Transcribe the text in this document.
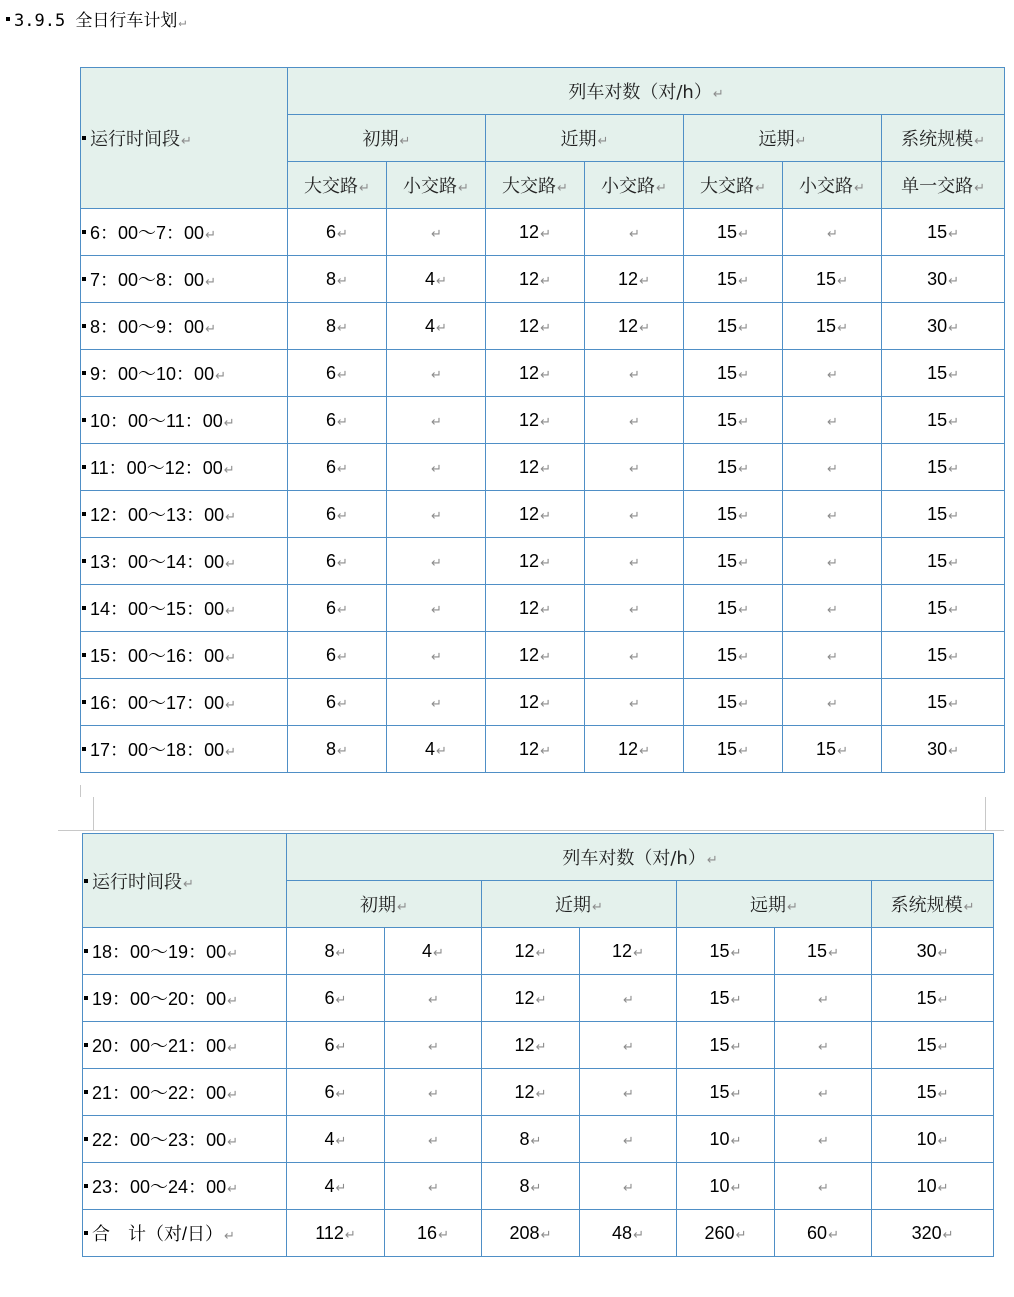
3.9.5 全日行车计划↵
运行时间段↵	列车对数（对/h）↵						
	初期↵		近期↵		远期↵		系统规模↵
	大交路↵	小交路↵	大交路↵	小交路↵	大交路↵	小交路↵	单一交路↵
6：00～7：00↵	6↵	↵	12↵	↵	15↵	↵	15↵
7：00～8：00↵	8↵	4↵	12↵	12↵	15↵	15↵	30↵
8：00～9：00↵	8↵	4↵	12↵	12↵	15↵	15↵	30↵
9：00～10：00↵	6↵	↵	12↵	↵	15↵	↵	15↵
10：00～11：00↵	6↵	↵	12↵	↵	15↵	↵	15↵
11：00～12：00↵	6↵	↵	12↵	↵	15↵	↵	15↵
12：00～13：00↵	6↵	↵	12↵	↵	15↵	↵	15↵
13：00～14：00↵	6↵	↵	12↵	↵	15↵	↵	15↵
14：00～15：00↵	6↵	↵	12↵	↵	15↵	↵	15↵
15：00～16：00↵	6↵	↵	12↵	↵	15↵	↵	15↵
16：00～17：00↵	6↵	↵	12↵	↵	15↵	↵	15↵
17：00～18：00↵	8↵	4↵	12↵	12↵	15↵	15↵	30↵
运行时间段↵	列车对数（对/h）↵						
	初期↵		近期↵		远期↵		系统规模↵
18：00～19：00↵	8↵	4↵	12↵	12↵	15↵	15↵	30↵
19：00～20：00↵	6↵	↵	12↵	↵	15↵	↵	15↵
20：00～21：00↵	6↵	↵	12↵	↵	15↵	↵	15↵
21：00～22：00↵	6↵	↵	12↵	↵	15↵	↵	15↵
22：00～23：00↵	4↵	↵	8↵	↵	10↵	↵	10↵
23：00～24：00↵	4↵	↵	8↵	↵	10↵	↵	10↵
合　计（对/日）↵	112↵	16↵	208↵	48↵	260↵	60↵	320↵
